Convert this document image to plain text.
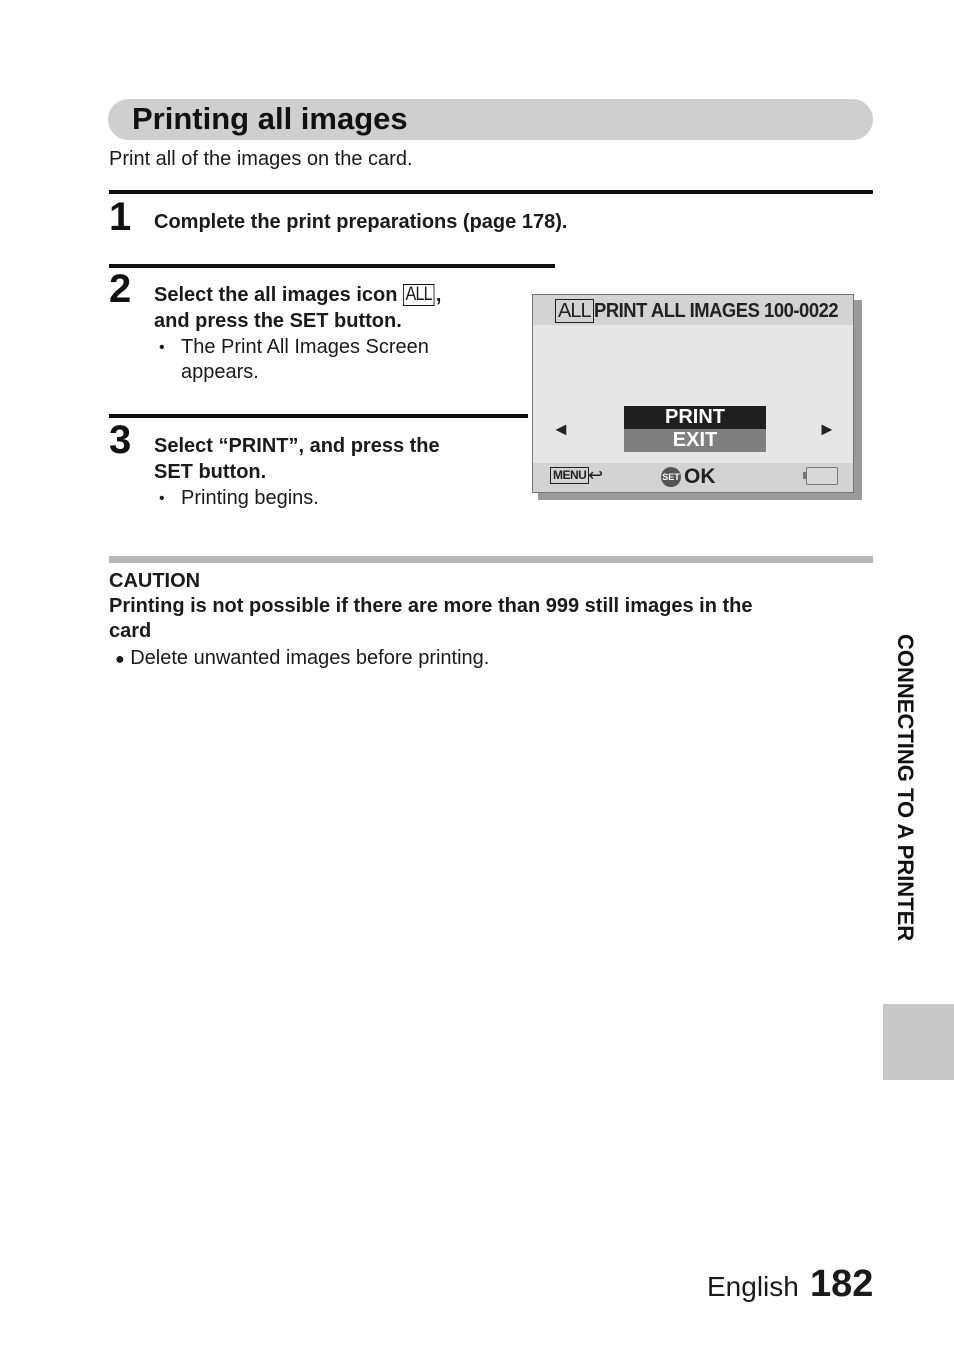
Printing all images
Print all of the images on the card.
1 Complete the print preparations (page 178).
2 Select the all images icon ALL ,
and press the SET button.
• The Print All Images Screen
appears.
3 Select “PRINT”, and press the
SET button.
• Printing begins.
ALL PRINT ALL IMAGES 100-0022
◄
PRINT
EXIT	►
MENU ↩	SET OK
CAUTION
Printing is not possible if there are more than 999 still images in the
card
● Delete unwanted images before printing.	CONNECTING TO A PRINTER
English 182
